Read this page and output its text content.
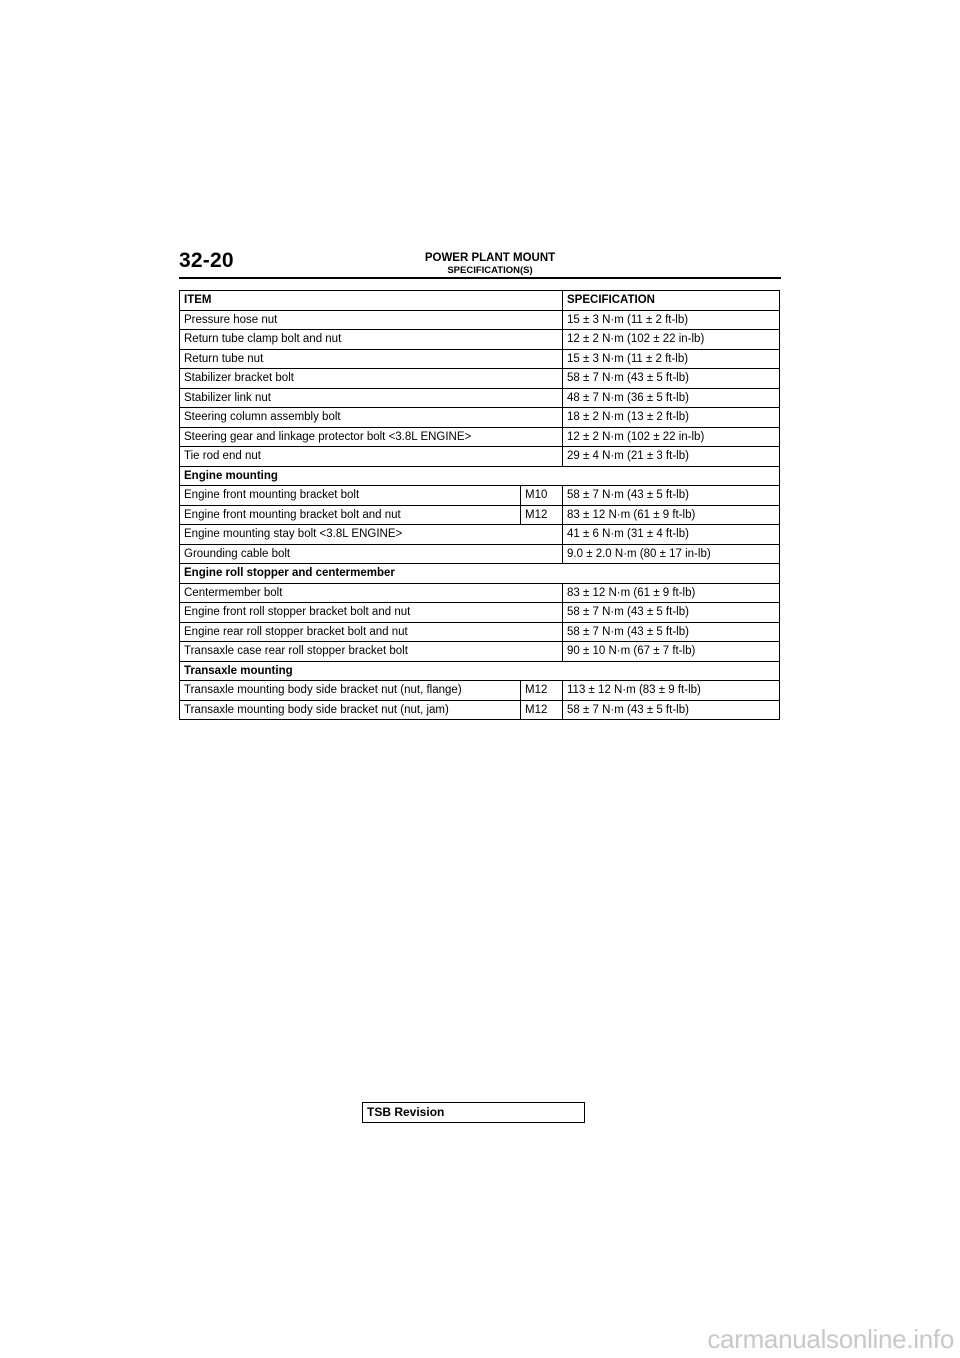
32-20	POWER PLANT MOUNT
SPECIFICATION(S)
ITEM		SPECIFICATION
Pressure hose nut		15 ± 3 N·m (11 ± 2 ft-lb)
Return tube clamp bolt and nut		12 ± 2 N·m (102 ± 22 in-lb)
Return tube nut		15 ± 3 N·m (11 ± 2 ft-lb)
Stabilizer bracket bolt		58 ± 7 N·m (43 ± 5 ft-lb)
Stabilizer link nut		48 ± 7 N·m (36 ± 5 ft-lb)
Steering column assembly bolt		18 ± 2 N·m (13 ± 2 ft-lb)
Steering gear and linkage protector bolt <3.8L ENGINE>		12 ± 2 N·m (102 ± 22 in-lb)
Tie rod end nut		29 ± 4 N·m (21 ± 3 ft-lb)
Engine mounting		
Engine front mounting bracket bolt	M10	58 ± 7 N·m (43 ± 5 ft-lb)
Engine front mounting bracket bolt and nut	M12	83 ± 12 N·m (61 ± 9 ft-lb)
Engine mounting stay bolt <3.8L ENGINE>		41 ± 6 N·m (31 ± 4 ft-lb)
Grounding cable bolt		9.0 ± 2.0 N·m (80 ± 17 in-lb)
Engine roll stopper and centermember		
Centermember bolt		83 ± 12 N·m (61 ± 9 ft-lb)
Engine front roll stopper bracket bolt and nut		58 ± 7 N·m (43 ± 5 ft-lb)
Engine rear roll stopper bracket bolt and nut		58 ± 7 N·m (43 ± 5 ft-lb)
Transaxle case rear roll stopper bracket bolt		90 ± 10 N·m (67 ± 7 ft-lb)
Transaxle mounting		
Transaxle mounting body side bracket nut (nut, flange)	M12	113 ± 12 N·m (83 ± 9 ft-lb)
Transaxle mounting body side bracket nut (nut, jam)	M12	58 ± 7 N·m (43 ± 5 ft-lb)
TSB Revision
carmanualsonline.info
